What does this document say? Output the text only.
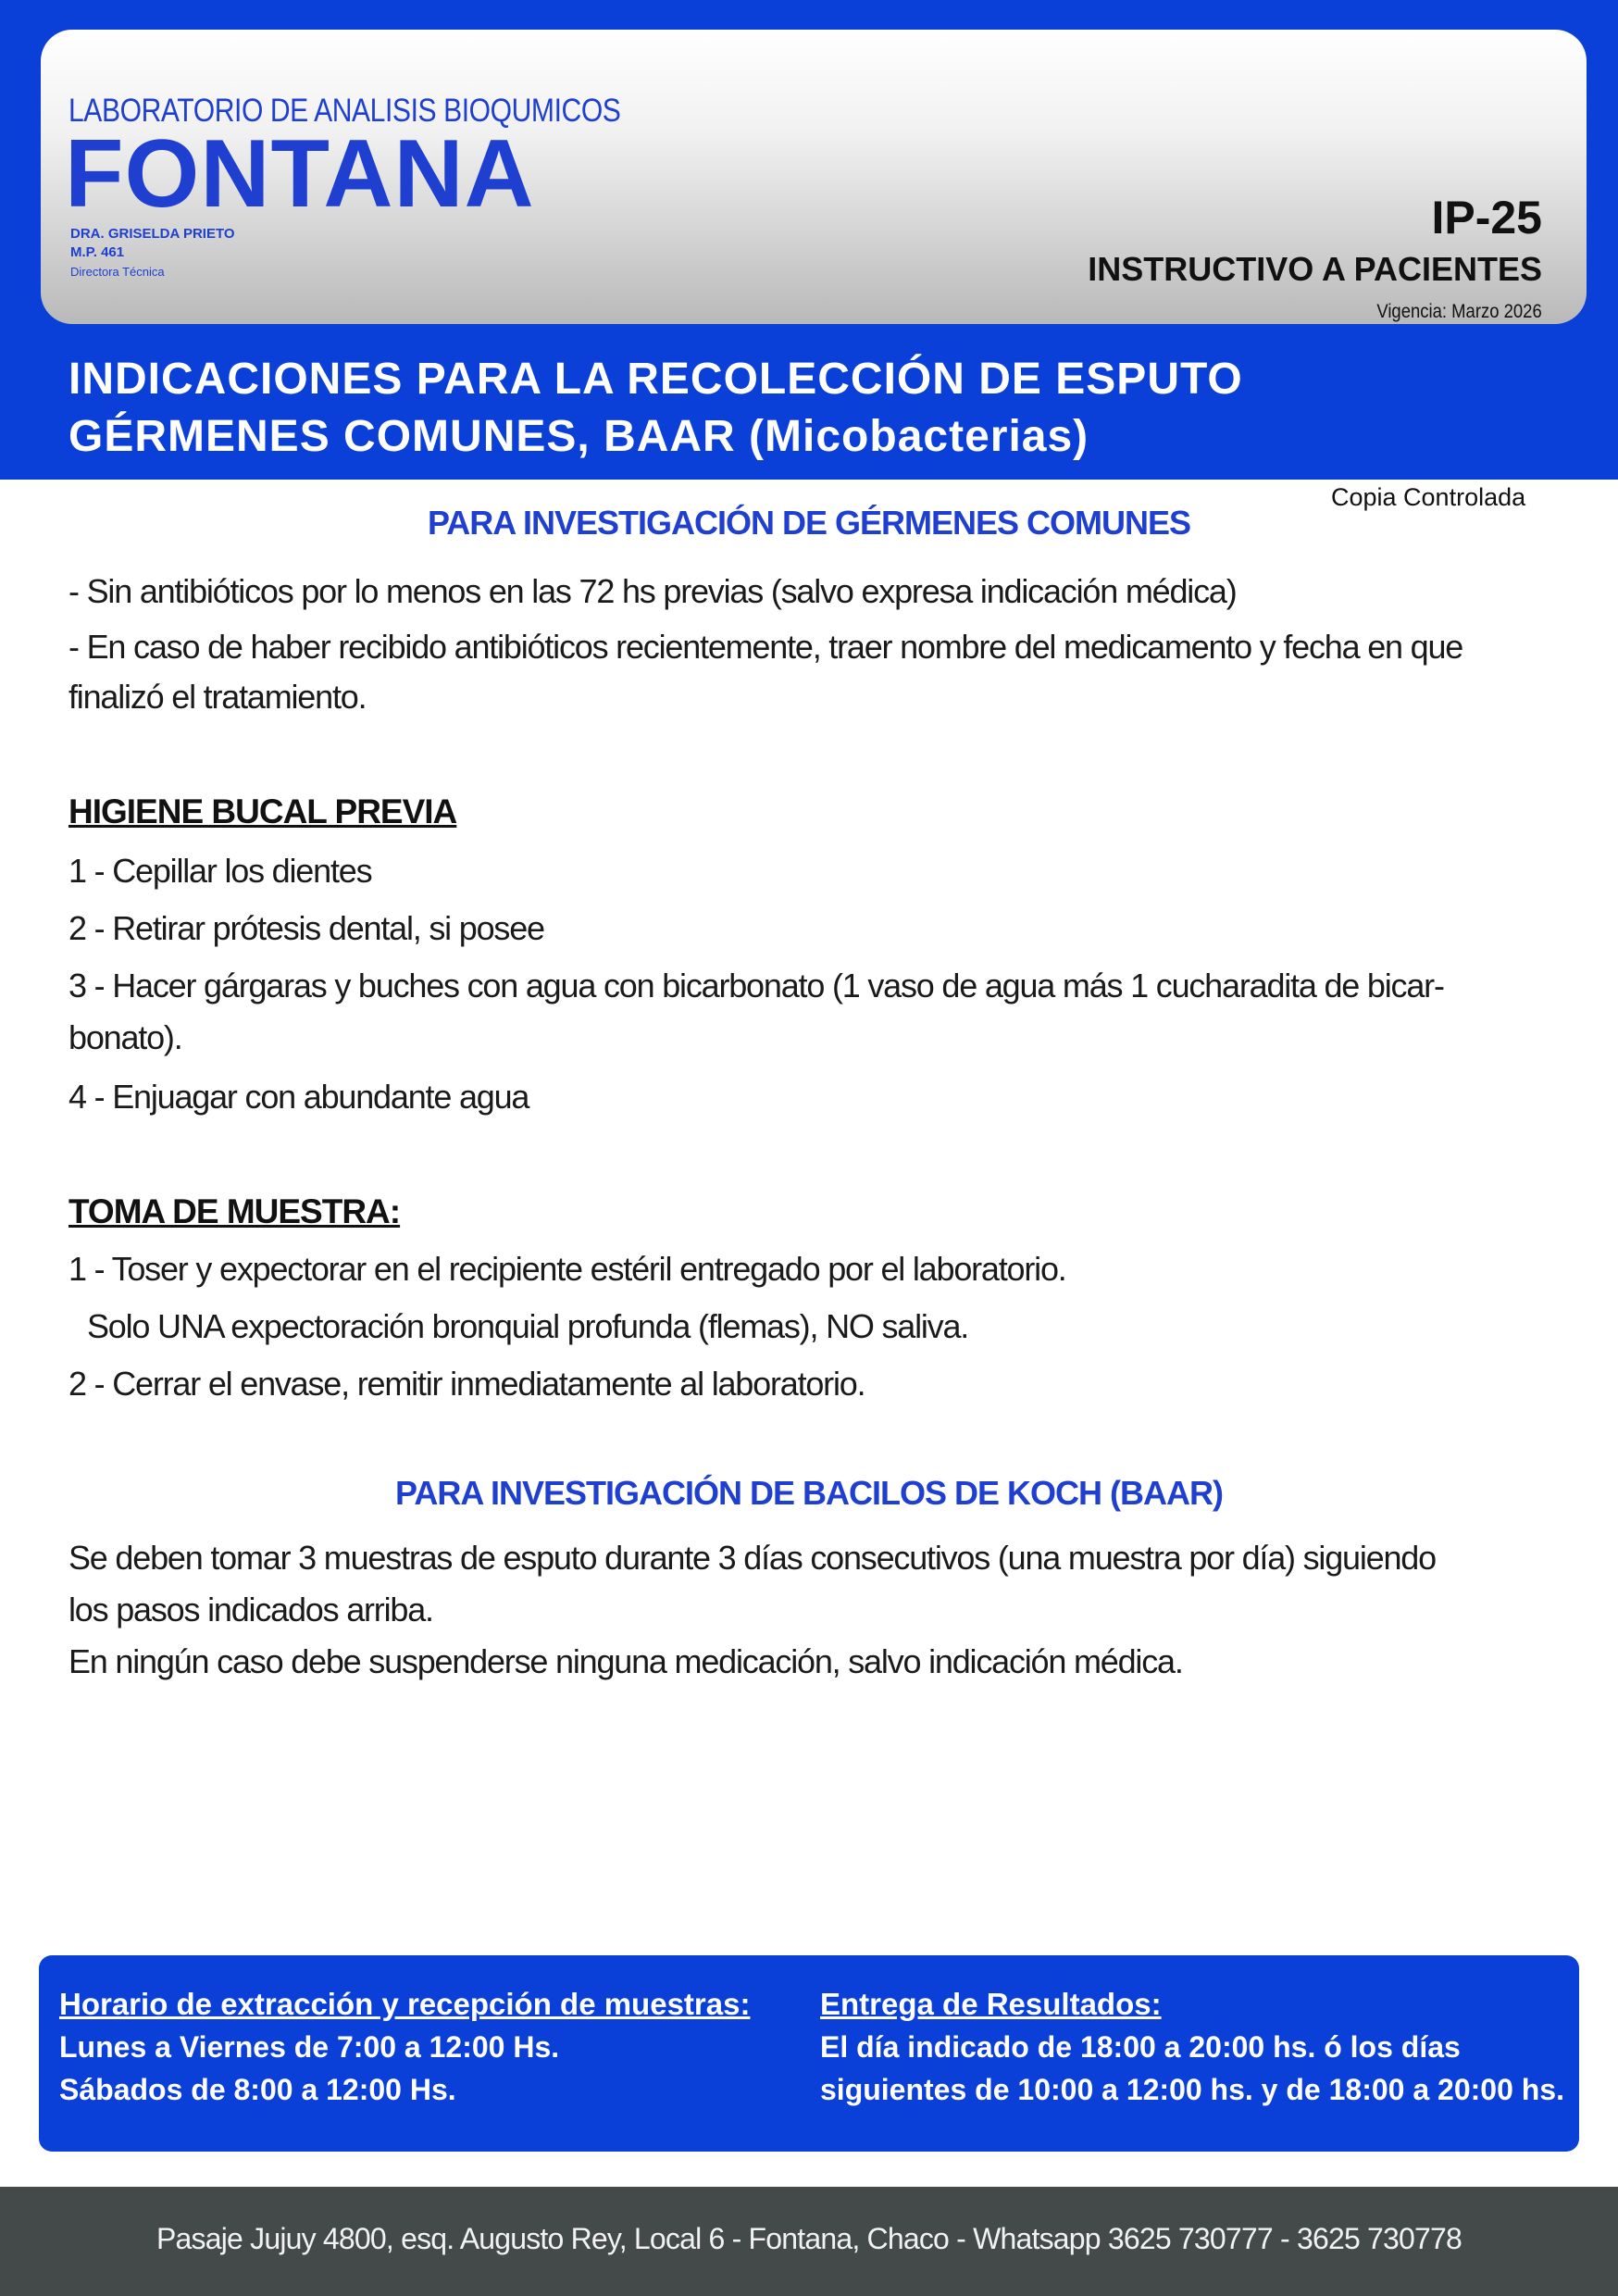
LABORATORIO DE ANALISIS BIOQUMICOS
FONTANA
DRA. GRISELDA PRIETO
M.P. 461
Directora Técnica
IP-25
INSTRUCTIVO A PACIENTES
Vigencia: Marzo 2026
INDICACIONES PARA LA RECOLECCIÓN DE ESPUTO
GÉRMENES COMUNES, BAAR (Micobacterias)
Copia Controlada
PARA INVESTIGACIÓN DE GÉRMENES COMUNES
- Sin antibióticos por lo menos en las 72 hs previas (salvo expresa indicación médica)
- En caso de haber recibido antibióticos recientemente, traer nombre del medicamento y fecha en que
finalizó el tratamiento.
HIGIENE BUCAL PREVIA
1 - Cepillar los dientes
2 - Retirar prótesis dental, si posee
3 - Hacer gárgaras y buches con agua con bicarbonato (1 vaso de agua más 1 cucharadita de bicar-
bonato).
4 - Enjuagar con abundante agua
TOMA DE MUESTRA:
1 - Toser y expectorar en el recipiente estéril entregado por el laboratorio.
Solo UNA expectoración bronquial profunda (flemas), NO saliva.
2 - Cerrar el envase, remitir inmediatamente al laboratorio.
PARA INVESTIGACIÓN DE BACILOS DE KOCH (BAAR)
Se deben tomar 3 muestras de esputo durante 3 días consecutivos (una muestra por día) siguiendo
los pasos indicados arriba.
En ningún caso debe suspenderse ninguna medicación, salvo indicación médica.
Horario de extracción y recepción de muestras:
Lunes a Viernes de 7:00 a 12:00 Hs.
Sábados de 8:00 a 12:00 Hs.
Entrega de Resultados:
El día indicado de 18:00 a 20:00 hs. ó los días
siguientes de 10:00 a 12:00 hs. y de 18:00 a 20:00 hs.
Pasaje Jujuy 4800, esq. Augusto Rey, Local 6 - Fontana, Chaco - Whatsapp 3625 730777 - 3625 730778
